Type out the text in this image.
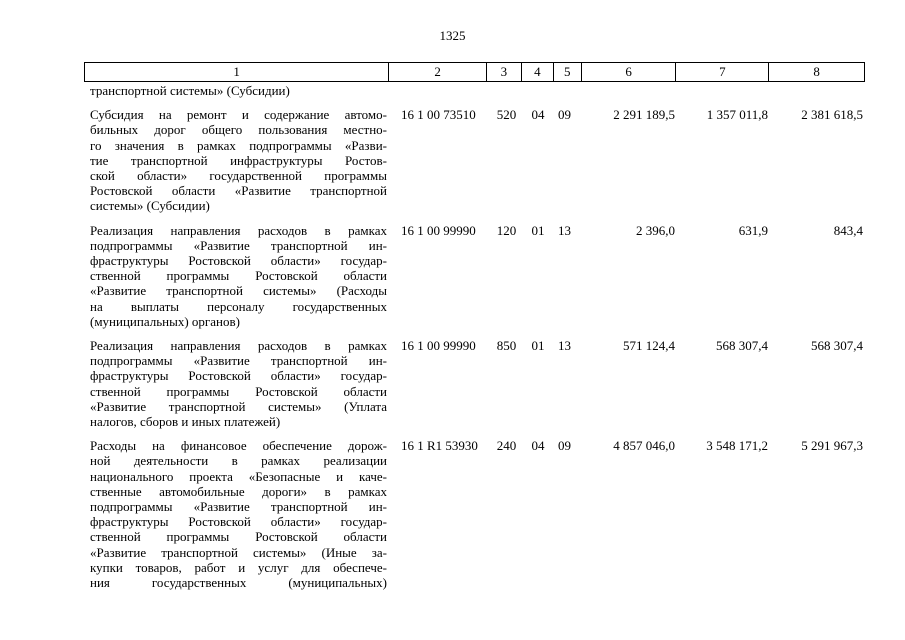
1325
1	2	3	4	5	6	7	8
транспортной системы» (Субсидии)
Субсидия на ремонт и содержание автомо-
бильных дорог общего пользования местно-
го значения в рамках подпрограммы «Разви-
тие транспортной инфраструктуры Ростов-
ской области» государственной программы
Ростовской области «Развитие транспортной
системы» (Субсидии)
16 1 00 73510	520	04	09	2 291 189,5	1 357 011,8	2 381 618,5
Реализация направления расходов в рамках
подпрограммы «Развитие транспортной ин-
фраструктуры Ростовской области» государ-
ственной программы Ростовской области
«Развитие транспортной системы» (Расходы
на выплаты персоналу государственных
(муниципальных) органов)
16 1 00 99990	120	01	13	2 396,0	631,9	843,4
Реализация направления расходов в рамках
подпрограммы «Развитие транспортной ин-
фраструктуры Ростовской области» государ-
ственной программы Ростовской области
«Развитие транспортной системы» (Уплата
налогов, сборов и иных платежей)
16 1 00 99990	850	01	13	571 124,4	568 307,4	568 307,4
Расходы на финансовое обеспечение дорож-
ной деятельности в рамках реализации
национального проекта «Безопасные и каче-
ственные автомобильные дороги» в рамках
подпрограммы «Развитие транспортной ин-
фраструктуры Ростовской области» государ-
ственной программы Ростовской области
«Развитие транспортной системы» (Иные за-
купки товаров, работ и услуг для обеспече-
ния государственных (муниципальных)
16 1 R1 53930	240	04	09	4 857 046,0	3 548 171,2	5 291 967,3
